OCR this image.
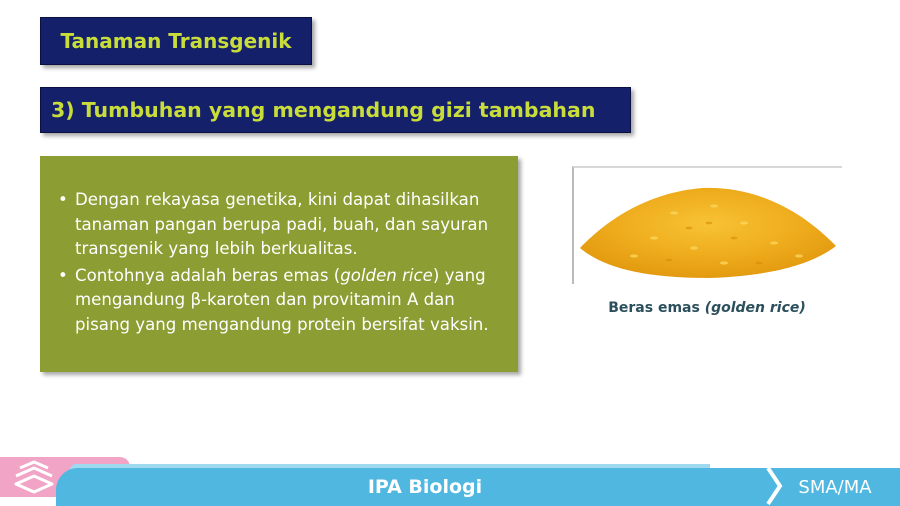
Tanaman Transgenik
3) Tumbuhan yang mengandung gizi tambahan
• Dengan rekayasa genetika, kini dapat dihasilkan tanaman pangan berupa padi, buah, dan sayuran transgenik yang lebih berkualitas.
• Contohnya adalah beras emas (golden rice) yang mengandung β-karoten dan provitamin A dan pisang yang mengandung protein bersifat vaksin.
Beras emas (golden rice)
IPA Biologi	SMA/MA
